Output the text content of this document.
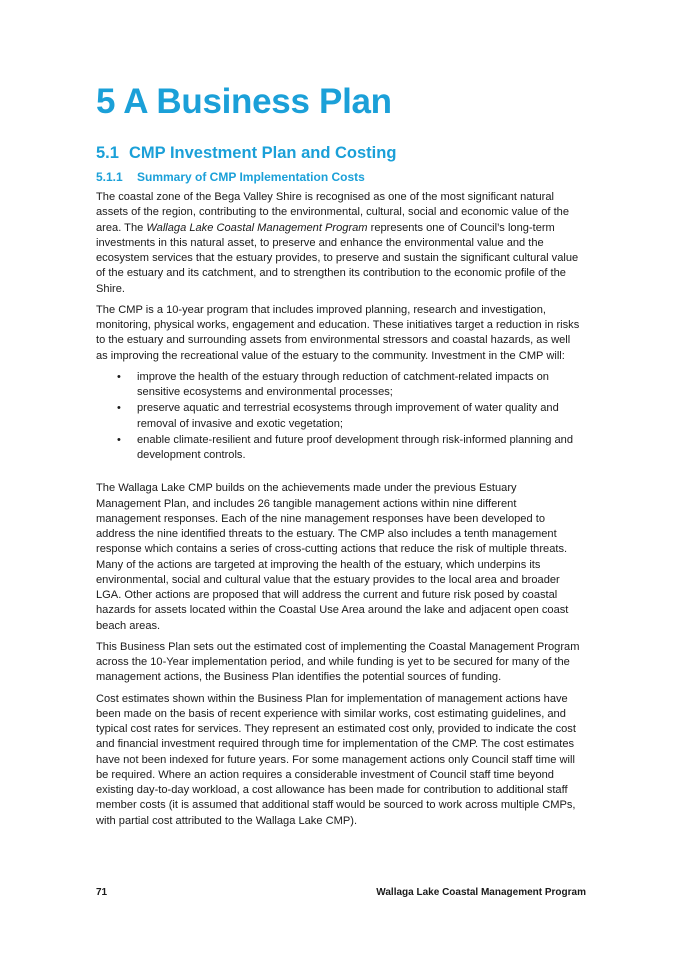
5 A Business Plan
5.1 CMP Investment Plan and Costing
5.1.1 Summary of CMP Implementation Costs

The coastal zone of the Bega Valley Shire is recognised as one of the most significant natural assets of the region, contributing to the environmental, cultural, social and economic value of the area. The Wallaga Lake Coastal Management Program represents one of Council’s long-term investments in this natural asset, to preserve and enhance the environmental value and the ecosystem services that the estuary provides, to preserve and sustain the significant cultural value of the estuary and its catchment, and to strengthen its contribution to the economic profile of the Shire.

The CMP is a 10-year program that includes improved planning, research and investigation, monitoring, physical works, engagement and education. These initiatives target a reduction in risks to the estuary and surrounding assets from environmental stressors and coastal hazards, as well as improving the recreational value of the estuary to the community. Investment in the CMP will:

• improve the health of the estuary through reduction of catchment-related impacts on sensitive ecosystems and environmental processes;
• preserve aquatic and terrestrial ecosystems through improvement of water quality and removal of invasive and exotic vegetation;
• enable climate-resilient and future proof development through risk-informed planning and development controls.

The Wallaga Lake CMP builds on the achievements made under the previous Estuary Management Plan, and includes 26 tangible management actions within nine different management responses. Each of the nine management responses have been developed to address the nine identified threats to the estuary. The CMP also includes a tenth management response which contains a series of cross-cutting actions that reduce the risk of multiple threats. Many of the actions are targeted at improving the health of the estuary, which underpins its environmental, social and cultural value that the estuary provides to the local area and broader LGA. Other actions are proposed that will address the current and future risk posed by coastal hazards for assets located within the Coastal Use Area around the lake and adjacent open coast beach areas.

This Business Plan sets out the estimated cost of implementing the Coastal Management Program across the 10-Year implementation period, and while funding is yet to be secured for many of the management actions, the Business Plan identifies the potential sources of funding.

Cost estimates shown within the Business Plan for implementation of management actions have been made on the basis of recent experience with similar works, cost estimating guidelines, and typical cost rates for services. They represent an estimated cost only, provided to indicate the cost and financial investment required through time for implementation of the CMP. The cost estimates have not been indexed for future years. For some management actions only Council staff time will be required. Where an action requires a considerable investment of Council staff time beyond existing day-to-day workload, a cost allowance has been made for contribution to additional staff member costs (it is assumed that additional staff would be sourced to work across multiple CMPs, with partial cost attributed to the Wallaga Lake CMP).

71	Wallaga Lake Coastal Management Program
